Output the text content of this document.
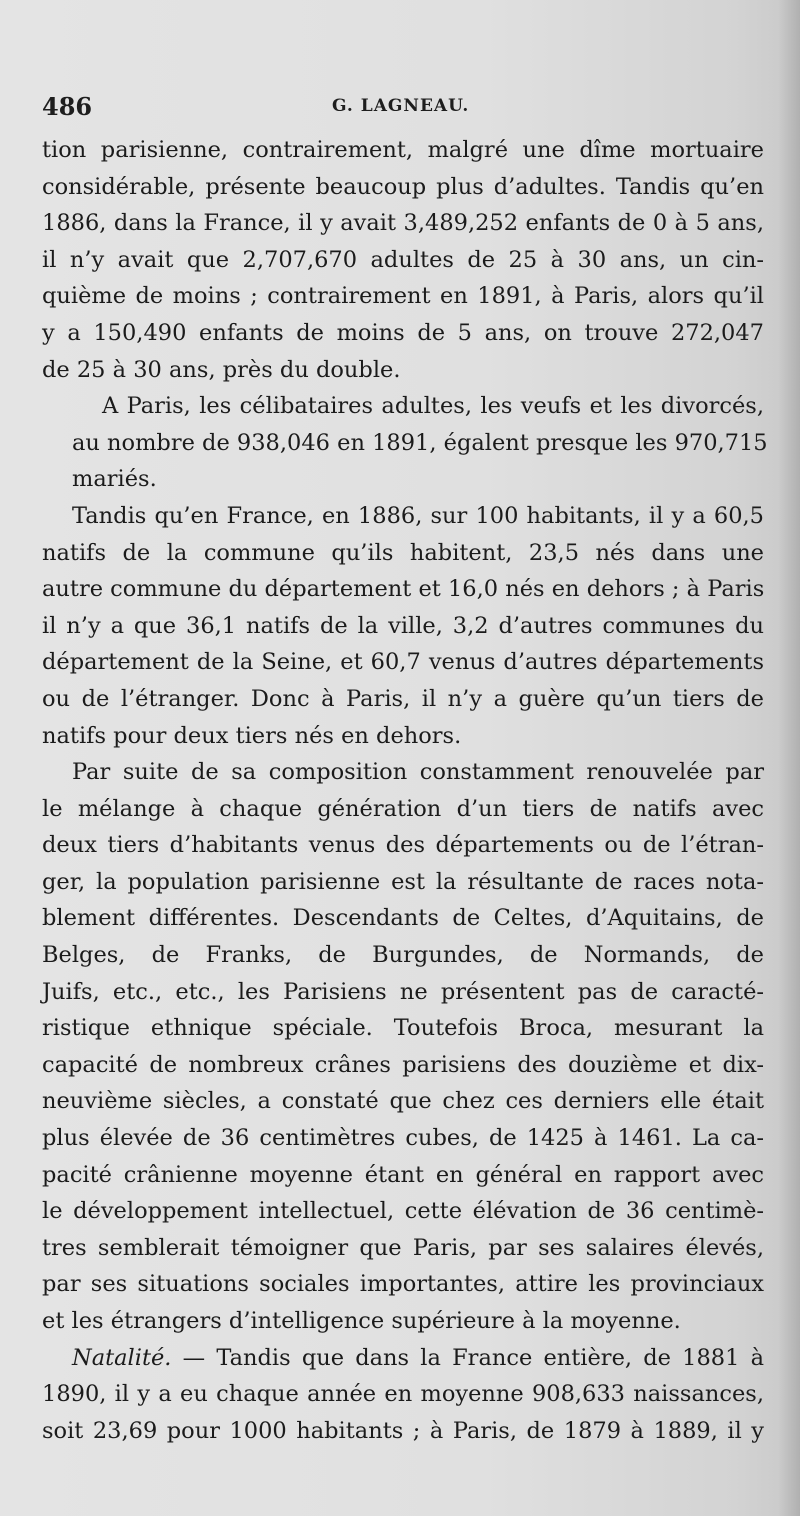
486	G. LAGNEAU.

tion parisienne, contrairement, malgré une dîme mortuaire
considérable, présente beaucoup plus d’adultes. Tandis qu’en
1886, dans la France, il y avait 3,489,252 enfants de 0 à 5 ans,
il n’y avait que 2,707,670 adultes de 25 à 30 ans, un cin-
quième de moins ; contrairement en 1891, à Paris, alors qu’il
y a 150,490 enfants de moins de 5 ans, on trouve 272,047
de 25 à 30 ans, près du double.

A Paris, les célibataires adultes, les veufs et les divorcés,
au nombre de 938,046 en 1891, égalent presque les 970,715
mariés.

Tandis qu’en France, en 1886, sur 100 habitants, il y a 60,5
natifs de la commune qu’ils habitent, 23,5 nés dans une
autre commune du département et 16,0 nés en dehors ; à Paris
il n’y a que 36,1 natifs de la ville, 3,2 d’autres communes du
département de la Seine, et 60,7 venus d’autres départements
ou de l’étranger. Donc à Paris, il n’y a guère qu’un tiers de
natifs pour deux tiers nés en dehors.

Par suite de sa composition constamment renouvelée par
le mélange à chaque génération d’un tiers de natifs avec
deux tiers d’habitants venus des départements ou de l’étran-
ger, la population parisienne est la résultante de races nota-
blement différentes. Descendants de Celtes, d’Aquitains, de
Belges, de Franks, de Burgundes, de Normands, de
Juifs, etc., etc., les Parisiens ne présentent pas de caracté-
ristique ethnique spéciale. Toutefois Broca, mesurant la
capacité de nombreux crânes parisiens des douzième et dix-
neuvième siècles, a constaté que chez ces derniers elle était
plus élevée de 36 centimètres cubes, de 1425 à 1461. La ca-
pacité crânienne moyenne étant en général en rapport avec
le développement intellectuel, cette élévation de 36 centimè-
tres semblerait témoigner que Paris, par ses salaires élevés,
par ses situations sociales importantes, attire les provinciaux
et les étrangers d’intelligence supérieure à la moyenne.

Natalité. — Tandis que dans la France entière, de 1881 à
1890, il y a eu chaque année en moyenne 908,633 naissances,
soit 23,69 pour 1000 habitants ; à Paris, de 1879 à 1889, il y
